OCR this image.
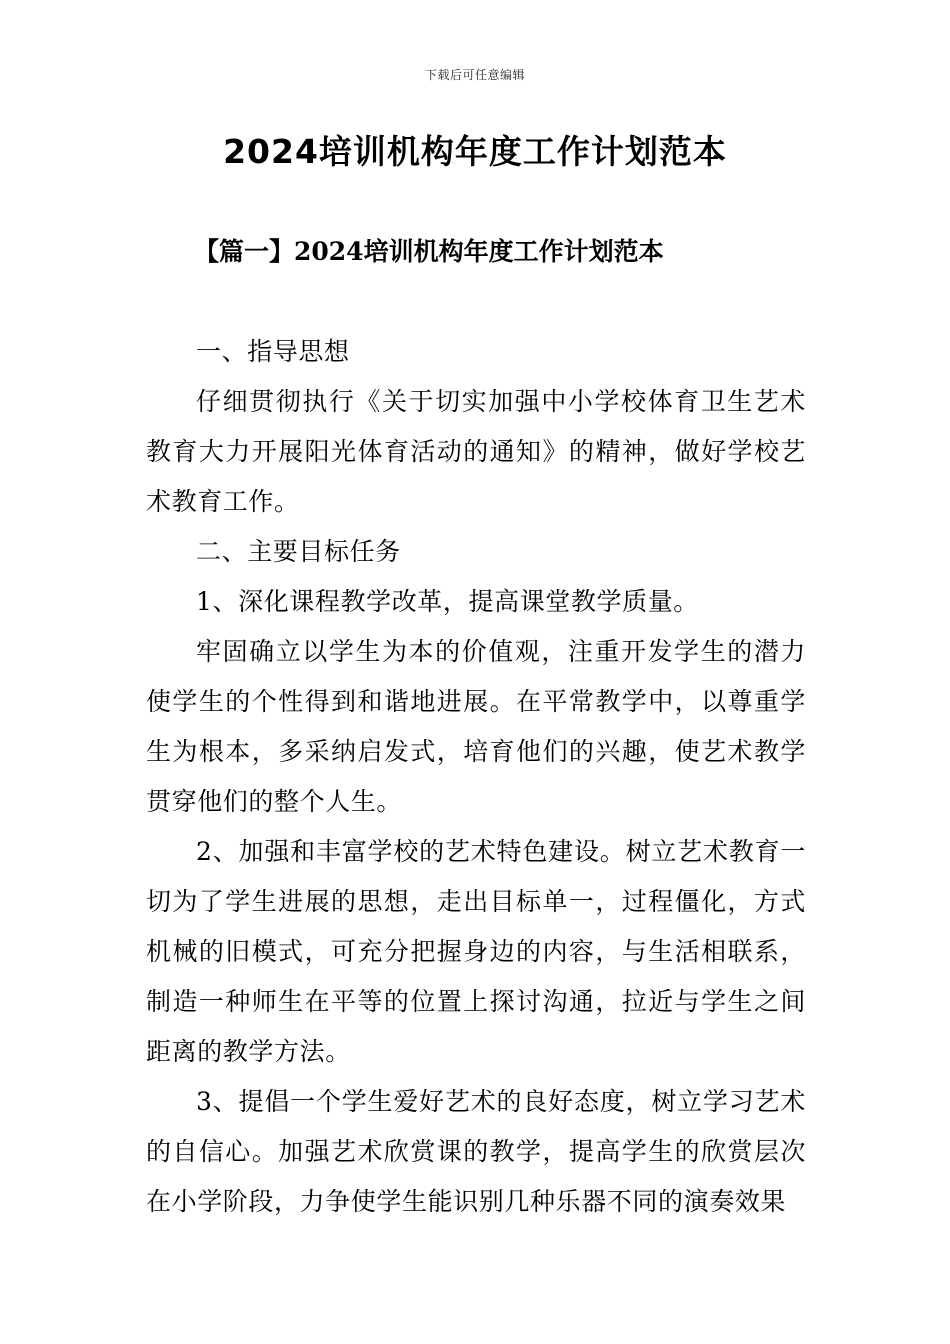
下载后可任意编辑
2024培训机构年度工作计划范本
【篇一】2024培训机构年度工作计划范本

一、指导思想

仔细贯彻执行《关于切实加强中小学校体育卫生艺术教育大力开展阳光体育活动的通知》的精神，做好学校艺术教育工作。

二、主要目标任务

1、深化课程教学改革，提高课堂教学质量。

牢固确立以学生为本的价值观，注重开发学生的潜力使学生的个性得到和谐地进展。在平常教学中，以尊重学生为根本，多采纳启发式，培育他们的兴趣，使艺术教学贯穿他们的整个人生。

2、加强和丰富学校的艺术特色建设。树立艺术教育一切为了学生进展的思想，走出目标单一，过程僵化，方式机械的旧模式，可充分把握身边的内容，与生活相联系，制造一种师生在平等的位置上探讨沟通，拉近与学生之间距离的教学方法。

3、提倡一个学生爱好艺术的良好态度，树立学习艺术的自信心。加强艺术欣赏课的教学，提高学生的欣赏层次在小学阶段，力争使学生能识别几种乐器不同的演奏效果
